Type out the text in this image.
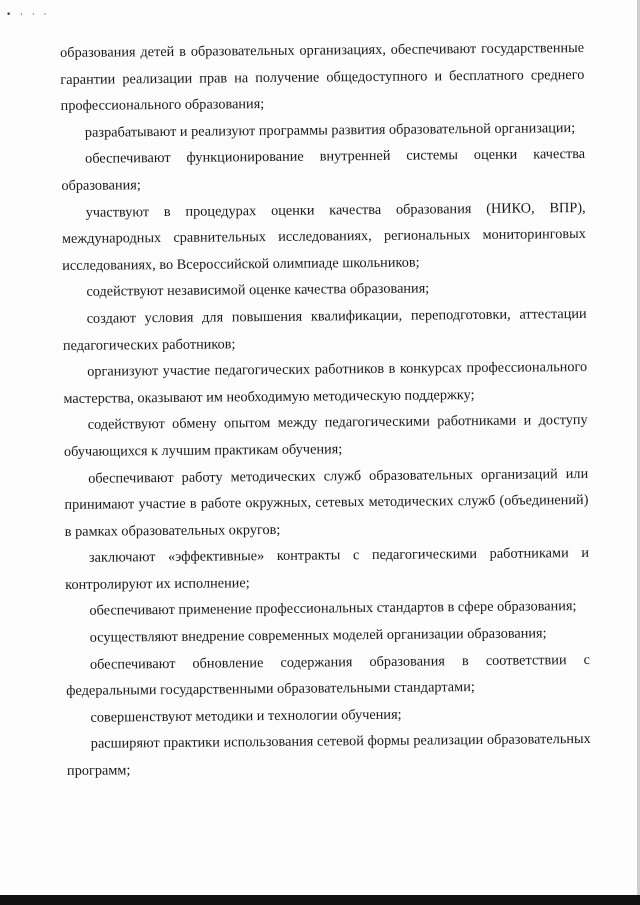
• · · ·

образования детей в образовательных организациях, обеспечивают государственные гарантии реализации прав на получение общедоступного и бесплатного среднего профессионального образования;

разрабатывают и реализуют программы развития образовательной организации;

обеспечивают функционирование внутренней системы оценки качества образования;

участвуют в процедурах оценки качества образования (НИКО, ВПР), международных сравнительных исследованиях, региональных мониторинговых исследованиях, во Всероссийской олимпиаде школьников;

содействуют независимой оценке качества образования;

создают условия для повышения квалификации, переподготовки, аттестации педагогических работников;

организуют участие педагогических работников в конкурсах профессионального мастерства, оказывают им необходимую методическую поддержку;

содействуют обмену опытом между педагогическими работниками и доступу обучающихся к лучшим практикам обучения;

обеспечивают работу методических служб образовательных организаций или принимают участие в работе окружных, сетевых методических служб (объединений) в рамках образовательных округов;

заключают «эффективные» контракты с педагогическими работниками и контролируют их исполнение;

обеспечивают применение профессиональных стандартов в сфере образования;

осуществляют внедрение современных моделей организации образования;

обеспечивают обновление содержания образования в соответствии с федеральными государственными образовательными стандартами;

совершенствуют методики и технологии обучения;

расширяют практики использования сетевой формы реализации образовательных программ;
